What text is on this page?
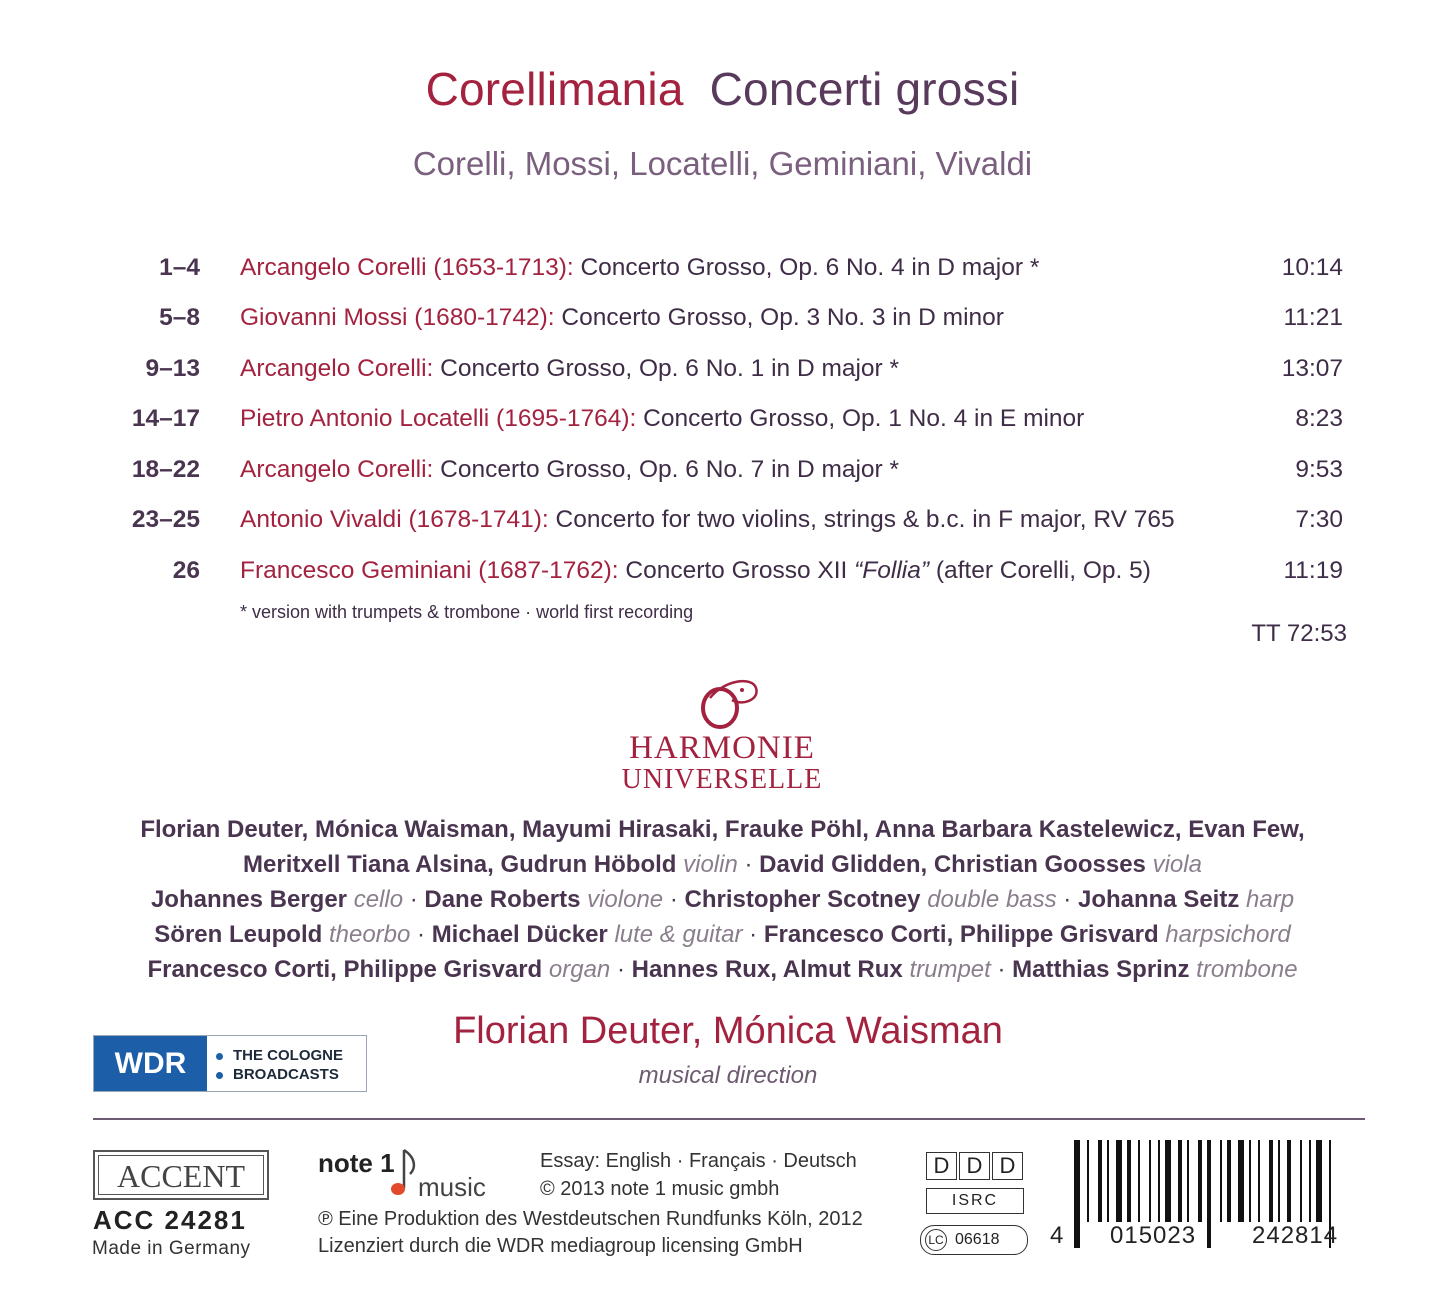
Corellimania Concerti grossi
Corelli, Mossi, Locatelli, Geminiani, Vivaldi
1–4 Arcangelo Corelli (1653-1713): Concerto Grosso, Op. 6 No. 4 in D major *	10:14
5–8 Giovanni Mossi (1680-1742): Concerto Grosso, Op. 3 No. 3 in D minor	11:21
9–13 Arcangelo Corelli: Concerto Grosso, Op. 6 No. 1 in D major *	13:07
14–17 Pietro Antonio Locatelli (1695-1764): Concerto Grosso, Op. 1 No. 4 in E minor	8:23
18–22 Arcangelo Corelli: Concerto Grosso, Op. 6 No. 7 in D major *	9:53
23–25 Antonio Vivaldi (1678-1741): Concerto for two violins, strings & b.c. in F major, RV 765	7:30
26 Francesco Geminiani (1687-1762): Concerto Grosso XII “Follia” (after Corelli, Op. 5)	11:19
* version with trumpets & trombone · world first recording
TT 72:53
HARMONIE
UNIVERSELLE
Florian Deuter, Mónica Waisman, Mayumi Hirasaki, Frauke Pöhl, Anna Barbara Kastelewicz, Evan Few,
Meritxell Tiana Alsina, Gudrun Höbold violin · David Glidden, Christian Goosses viola
Johannes Berger cello · Dane Roberts violone · Christopher Scotney double bass · Johanna Seitz harp
Sören Leupold theorbo · Michael Dücker lute & guitar · Francesco Corti, Philippe Grisvard harpsichord
Francesco Corti, Philippe Grisvard organ · Hannes Rux, Almut Rux trumpet · Matthias Sprinz trombone
WDR	THE COLOGNE
BROADCASTS
Florian Deuter, Mónica Waisman
musical direction
ACCENT
ACC 24281
Made in Germany
note 1
music
Essay: English · Français · Deutsch
© 2013 note 1 music gmbh
℗ Eine Produktion des Westdeutschen Rundfunks Köln, 2012
Lizenziert durch die WDR mediagroup licensing GmbH
D D D
ISRC
LC 06618 4 015023 242814
